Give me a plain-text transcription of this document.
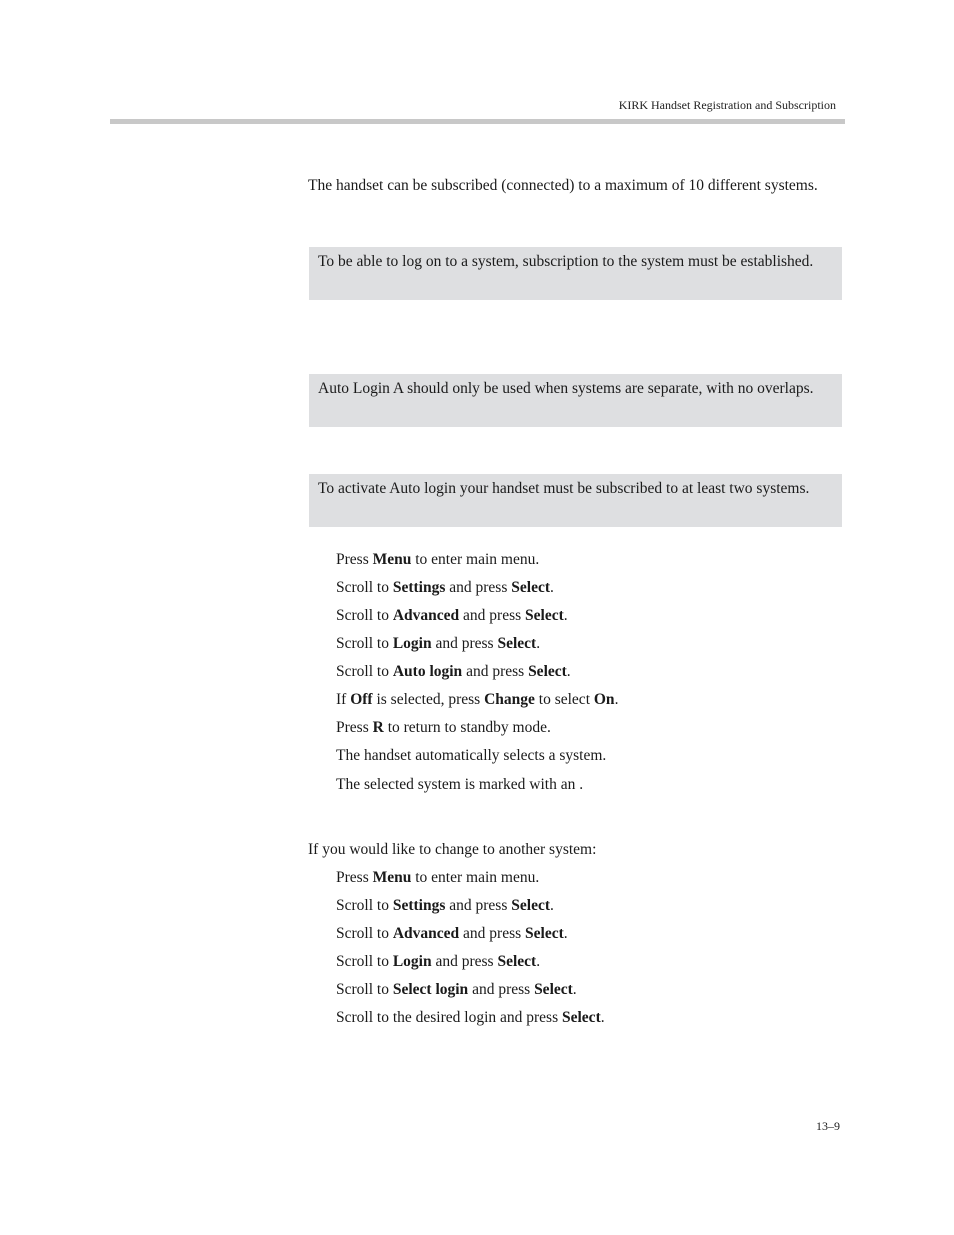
KIRK Handset Registration and Subscription
The handset can be subscribed (connected) to a maximum of 10 different systems.
To be able to log on to a system, subscription to the system must be established.
Auto Login A should only be used when systems are separate, with no overlaps.
To activate Auto login your handset must be subscribed to at least two systems.
Press Menu to enter main menu.
Scroll to Settings and press Select.
Scroll to Advanced and press Select.
Scroll to Login and press Select.
Scroll to Auto login and press Select.
If Off is selected, press Change to select On.
Press R to return to standby mode.
The handset automatically selects a system.
The selected system is marked with an .
If you would like to change to another system:
Press Menu to enter main menu.
Scroll to Settings and press Select.
Scroll to Advanced and press Select.
Scroll to Login and press Select.
Scroll to Select login and press Select.
Scroll to the desired login and press Select.
13–9
